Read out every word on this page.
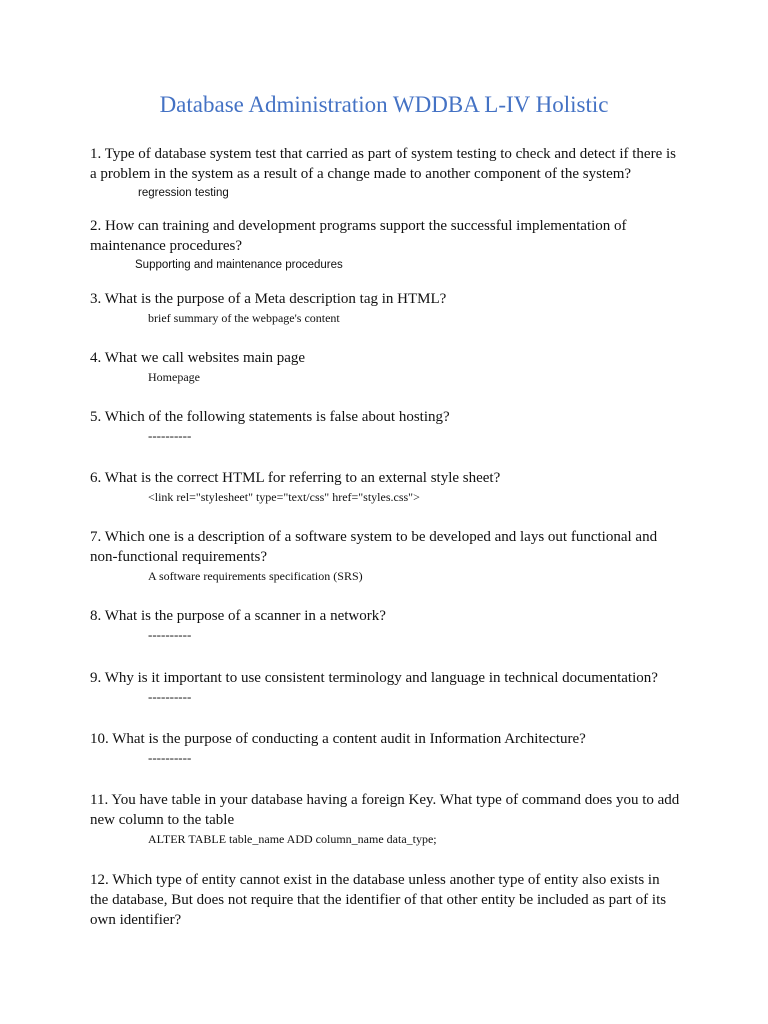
Database Administration WDDBA L-IV Holistic

1. Type of database system test that carried as part of system testing to check and detect if there is a problem in the system as a result of a change made to another component of the system?

regression testing

2. How can training and development programs support the successful implementation of maintenance procedures?

Supporting and maintenance procedures

3. What is the purpose of a Meta description tag in HTML?

brief summary of the webpage's content

4. What we call websites main page

Homepage

5. Which of the following statements is false about hosting?

----------

6. What is the correct HTML for referring to an external style sheet?

<link rel="stylesheet" type="text/css" href="styles.css">

7. Which one is a description of a software system to be developed and lays out functional and non-functional requirements?

A software requirements specification (SRS)

8. What is the purpose of a scanner in a network?

----------

9. Why is it important to use consistent terminology and language in technical documentation?

----------

10. What is the purpose of conducting a content audit in Information Architecture?

----------

11. You have table in your database having a foreign Key. What type of command does you to add new column to the table

ALTER TABLE table_name ADD column_name data_type;

12. Which type of entity cannot exist in the database unless another type of entity also exists in the database, But does not require that the identifier of that other entity be included as part of its own identifier?
